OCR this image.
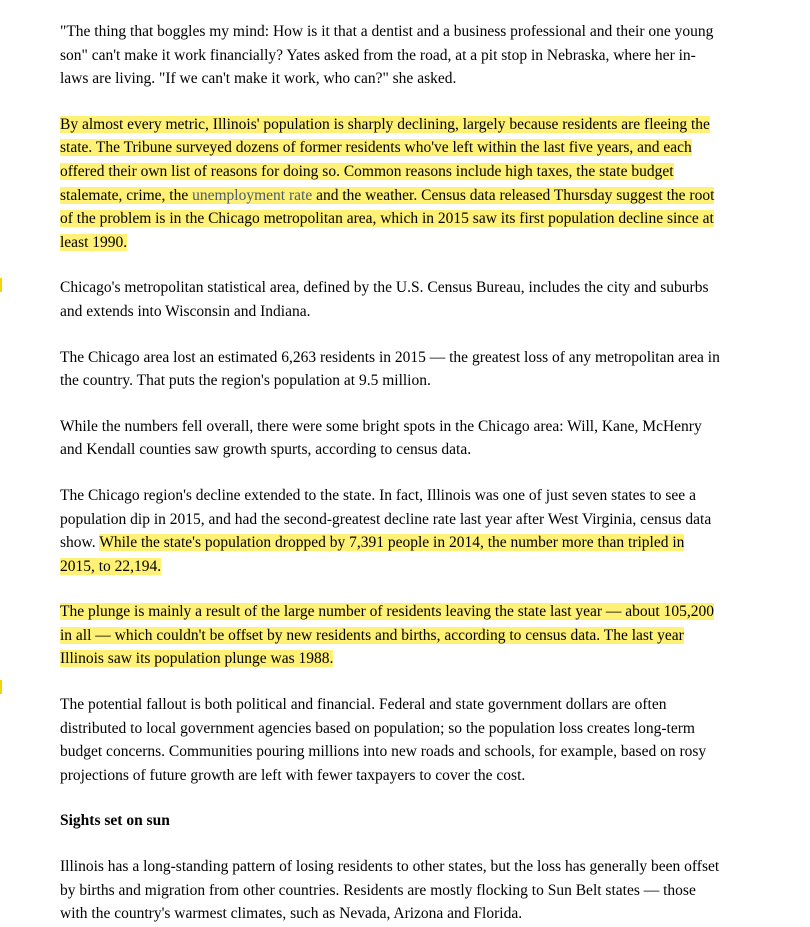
"The thing that boggles my mind: How is it that a dentist and a business professional and their one young son" can't make it work financially? Yates asked from the road, at a pit stop in Nebraska, where her in-laws are living. "If we can't make it work, who can?" she asked.

By almost every metric, Illinois' population is sharply declining, largely because residents are fleeing the state. The Tribune surveyed dozens of former residents who've left within the last five years, and each offered their own list of reasons for doing so. Common reasons include high taxes, the state budget stalemate, crime, the unemployment rate and the weather. Census data released Thursday suggest the root of the problem is in the Chicago metropolitan area, which in 2015 saw its first population decline since at least 1990.

Chicago's metropolitan statistical area, defined by the U.S. Census Bureau, includes the city and suburbs and extends into Wisconsin and Indiana.

The Chicago area lost an estimated 6,263 residents in 2015 — the greatest loss of any metropolitan area in the country. That puts the region's population at 9.5 million.

While the numbers fell overall, there were some bright spots in the Chicago area: Will, Kane, McHenry and Kendall counties saw growth spurts, according to census data.

The Chicago region's decline extended to the state. In fact, Illinois was one of just seven states to see a population dip in 2015, and had the second-greatest decline rate last year after West Virginia, census data show. While the state's population dropped by 7,391 people in 2014, the number more than tripled in 2015, to 22,194.

The plunge is mainly a result of the large number of residents leaving the state last year — about 105,200 in all — which couldn't be offset by new residents and births, according to census data. The last year Illinois saw its population plunge was 1988.

The potential fallout is both political and financial. Federal and state government dollars are often distributed to local government agencies based on population; so the population loss creates long-term budget concerns. Communities pouring millions into new roads and schools, for example, based on rosy projections of future growth are left with fewer taxpayers to cover the cost.

Sights set on sun

Illinois has a long-standing pattern of losing residents to other states, but the loss has generally been offset by births and migration from other countries. Residents are mostly flocking to Sun Belt states — those with the country's warmest climates, such as Nevada, Arizona and Florida.
